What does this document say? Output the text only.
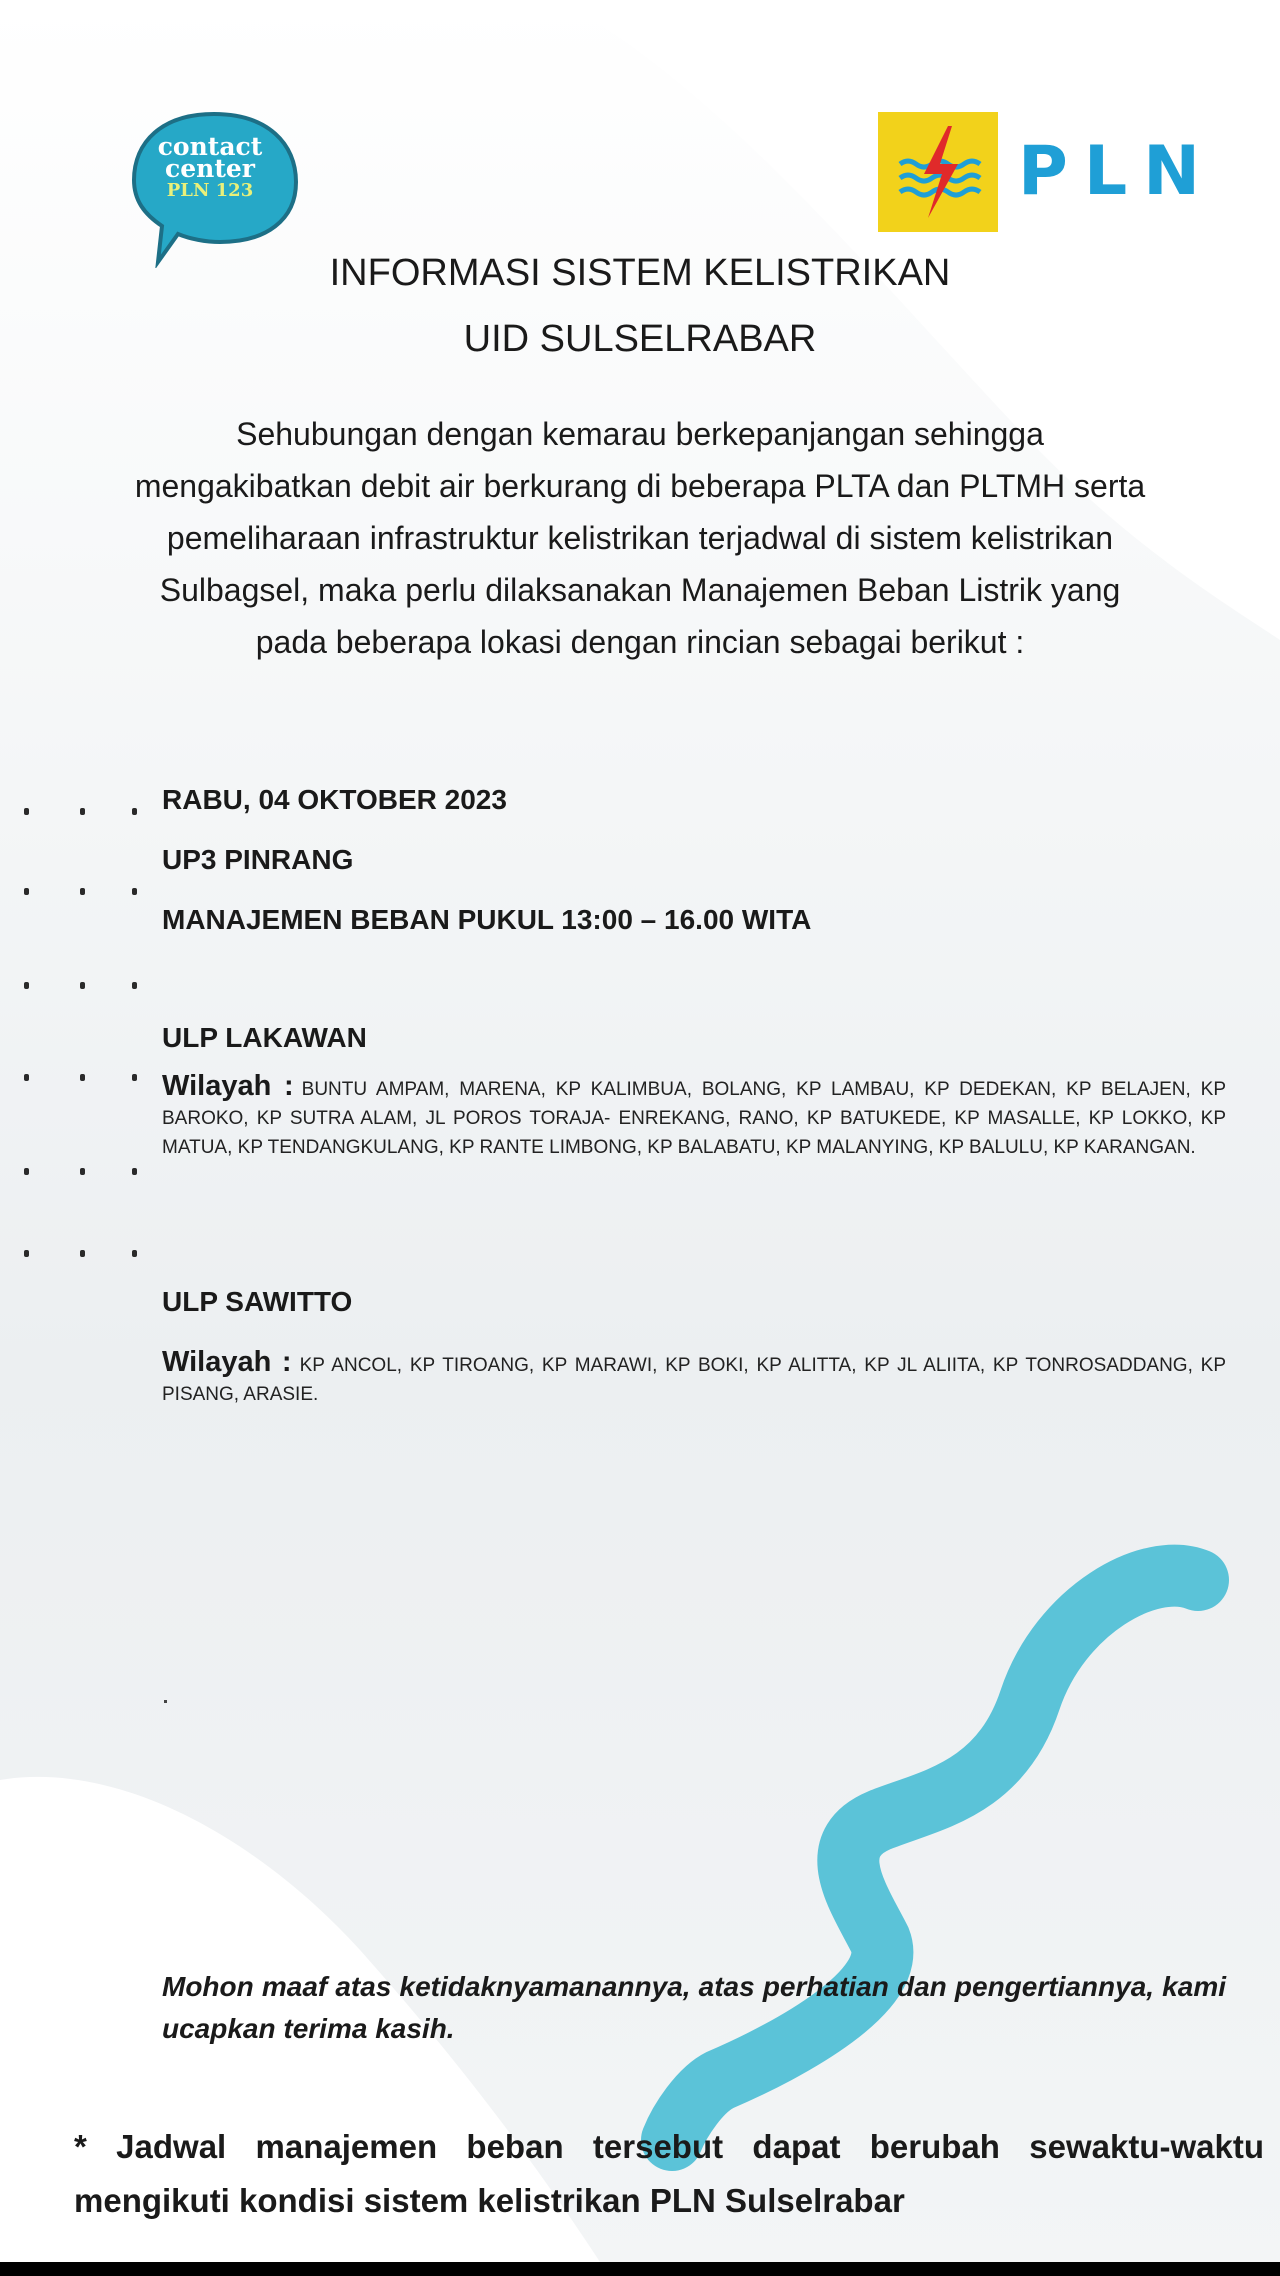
contact
center
PLN 123	PLN
INFORMASI SISTEM KELISTRIKAN
UID SULSELRABAR
Sehubungan dengan kemarau berkepanjangan sehingga mengakibatkan debit air berkurang di beberapa PLTA dan PLTMH serta pemeliharaan infrastruktur kelistrikan terjadwal di sistem kelistrikan Sulbagsel, maka perlu dilaksanakan Manajemen Beban Listrik yang pada beberapa lokasi dengan rincian sebagai berikut :
RABU, 04 OKTOBER 2023
UP3 PINRANG
MANAJEMEN BEBAN PUKUL 13:00 – 16.00 WITA
ULP LAKAWAN
Wilayah : BUNTU AMPAM, MARENA, KP KALIMBUA, BOLANG, KP LAMBAU, KP DEDEKAN, KP BELAJEN, KP BAROKO, KP SUTRA ALAM, JL POROS TORAJA- ENREKANG, RANO, KP BATUKEDE, KP MASALLE, KP LOKKO, KP MATUA, KP TENDANGKULANG, KP RANTE LIMBONG, KP BALABATU, KP MALANYING, KP BALULU, KP KARANGAN.
ULP SAWITTO
Wilayah : KP ANCOL, KP TIROANG, KP MARAWI, KP BOKI, KP ALITTA, KP JL ALIITA, KP TONROSADDANG, KP PISANG, ARASIE.
Mohon maaf atas ketidaknyamanannya, atas perhatian dan pengertiannya, kami ucapkan terima kasih.
* Jadwal manajemen beban tersebut dapat berubah sewaktu-waktu mengikuti kondisi sistem kelistrikan PLN Sulselrabar
